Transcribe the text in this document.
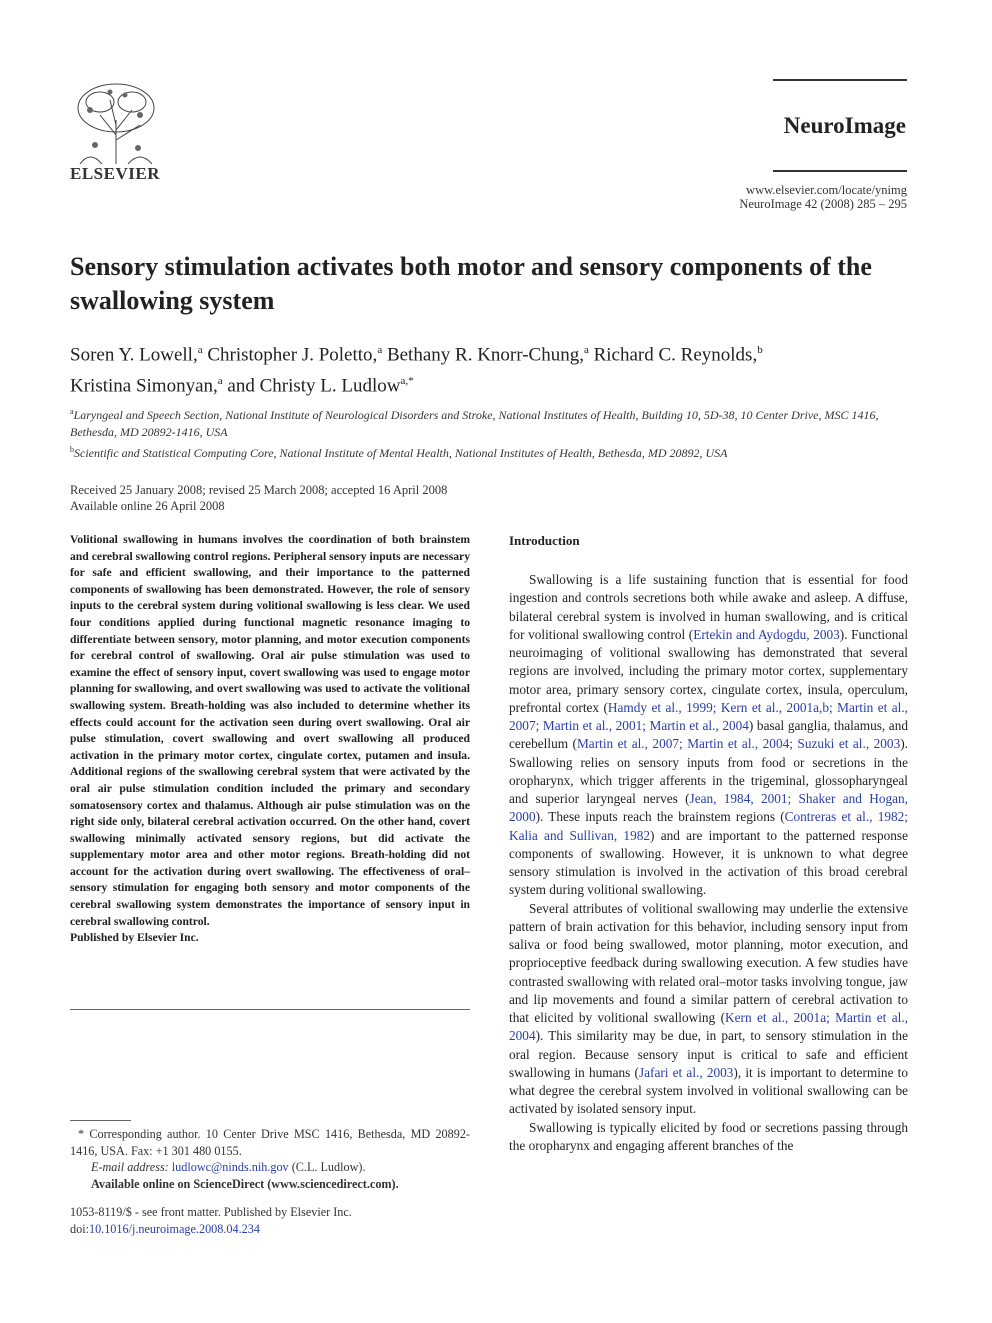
ELSEVIER
NeuroImage
www.elsevier.com/locate/ynimg
NeuroImage 42 (2008) 285 – 295
Sensory stimulation activates both motor and sensory components of the swallowing system
Soren Y. Lowell,$^a$ Christopher J. Poletto,$^a$ Bethany R. Knorr-Chung,$^a$ Richard C. Reynolds,$^b$
Kristina Simonyan,$^a$ and Christy L. Ludlow$^{a,*}$
$^a$Laryngeal and Speech Section, National Institute of Neurological Disorders and Stroke, National Institutes of Health, Building 10, 5D-38, 10 Center Drive, MSC 1416, Bethesda, MD 20892-1416, USA
$^b$Scientific and Statistical Computing Core, National Institute of Mental Health, National Institutes of Health, Bethesda, MD 20892, USA
Received 25 January 2008; revised 25 March 2008; accepted 16 April 2008
Available online 26 April 2008

Volitional swallowing in humans involves the coordination of both brainstem and cerebral swallowing control regions. Peripheral sensory inputs are necessary for safe and efficient swallowing, and their importance to the patterned components of swallowing has been demonstrated. However, the role of sensory inputs to the cerebral system during volitional swallowing is less clear. We used four conditions applied during functional magnetic resonance imaging to differentiate between sensory, motor planning, and motor execution components for cerebral control of swallowing. Oral air pulse stimulation was used to examine the effect of sensory input, covert swallowing was used to engage motor planning for swallowing, and overt swallowing was used to activate the volitional swallowing system. Breath-holding was also included to determine whether its effects could account for the activation seen during overt swallowing. Oral air pulse stimulation, covert swallowing and overt swallowing all produced activation in the primary motor cortex, cingulate cortex, putamen and insula. Additional regions of the swallowing cerebral system that were activated by the oral air pulse stimulation condition included the primary and secondary somatosensory cortex and thalamus. Although air pulse stimulation was on the right side only, bilateral cerebral activation occurred. On the other hand, covert swallowing minimally activated sensory regions, but did activate the supplementary motor area and other motor regions. Breath-holding did not account for the activation during overt swallowing. The effectiveness of oral–sensory stimulation for engaging both sensory and motor components of the cerebral swallowing system demonstrates the importance of sensory input in cerebral swallowing control.

Published by Elsevier Inc.

* Corresponding author. 10 Center Drive MSC 1416, Bethesda, MD 20892-1416, USA. Fax: +1 301 480 0155.

E-mail address: ludlowc@ninds.nih.gov (C.L. Ludlow).

Available online on ScienceDirect (www.sciencedirect.com).

1053-8119/$ - see front matter. Published by Elsevier Inc.
doi:10.1016/j.neuroimage.2008.04.234
Introduction

Swallowing is a life sustaining function that is essential for food ingestion and controls secretions both while awake and asleep. A diffuse, bilateral cerebral system is involved in human swallowing, and is critical for volitional swallowing control (Ertekin and Aydogdu, 2003). Functional neuroimaging of volitional swallowing has demonstrated that several regions are involved, including the primary motor cortex, supplementary motor area, primary sensory cortex, cingulate cortex, insula, operculum, prefrontal cortex (Hamdy et al., 1999; Kern et al., 2001a,b; Martin et al., 2007; Martin et al., 2001; Martin et al., 2004) basal ganglia, thalamus, and cerebellum (Martin et al., 2007; Martin et al., 2004; Suzuki et al., 2003). Swallowing relies on sensory inputs from food or secretions in the oropharynx, which trigger afferents in the trigeminal, glossopharyngeal and superior laryngeal nerves (Jean, 1984, 2001; Shaker and Hogan, 2000). These inputs reach the brainstem regions (Contreras et al., 1982; Kalia and Sullivan, 1982) and are important to the patterned response components of swallowing. However, it is unknown to what degree sensory stimulation is involved in the activation of this broad cerebral system during volitional swallowing.

Several attributes of volitional swallowing may underlie the extensive pattern of brain activation for this behavior, including sensory input from saliva or food being swallowed, motor planning, motor execution, and proprioceptive feedback during swallowing execution. A few studies have contrasted swallowing with related oral–motor tasks involving tongue, jaw and lip movements and found a similar pattern of cerebral activation to that elicited by volitional swallowing (Kern et al., 2001a; Martin et al., 2004). This similarity may be due, in part, to sensory stimulation in the oral region. Because sensory input is critical to safe and efficient swallowing in humans (Jafari et al., 2003), it is important to determine to what degree the cerebral system involved in volitional swallowing can be activated by isolated sensory input.

Swallowing is typically elicited by food or secretions passing through the oropharynx and engaging afferent branches of the
